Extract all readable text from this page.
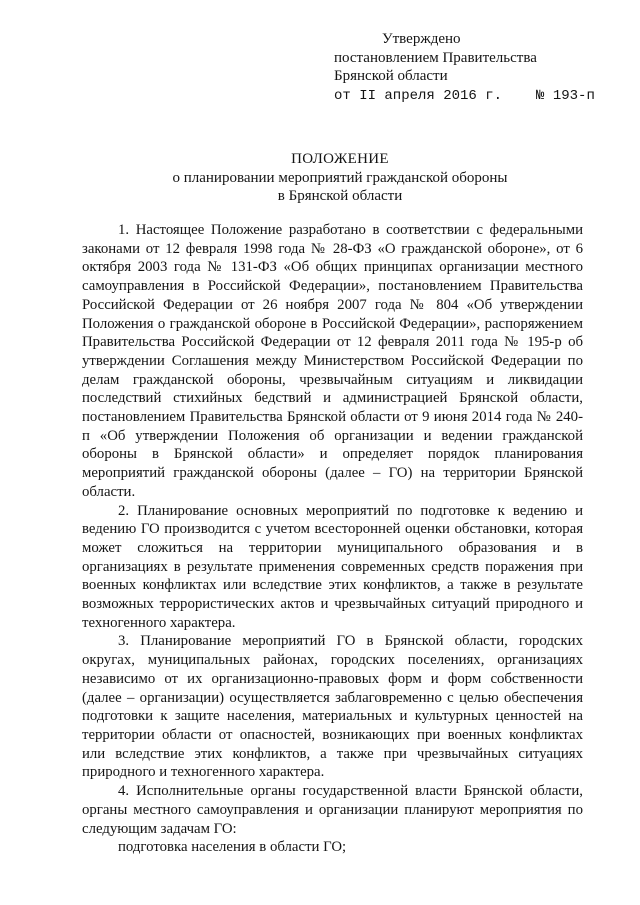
Утверждено
постановлением Правительства
Брянской области
от II апреля 2016 г. № 193-п
ПОЛОЖЕНИЕ
о планировании мероприятий гражданской обороны
в Брянской области

1. Настоящее Положение разработано в соответствии с федеральными законами от 12 февраля 1998 года № 28-ФЗ «О гражданской обороне», от 6 октября 2003 года № 131-ФЗ «Об общих принципах организации местного самоуправления в Российской Федерации», постановлением Правительства Российской Федерации от 26 ноября 2007 года № 804 «Об утверждении Положения о гражданской обороне в Российской Федерации», распоряжением Правительства Российской Федерации от 12 февраля 2011 года № 195-р об утверждении Соглашения между Министерством Российской Федерации по делам гражданской обороны, чрезвычайным ситуациям и ликвидации последствий стихийных бедствий и администрацией Брянской области, постановлением Правительства Брянской области от 9 июня 2014 года № 240-п «Об утверждении Положения об организации и ведении гражданской обороны в Брянской области» и определяет порядок планирования мероприятий гражданской обороны (далее – ГО) на территории Брянской области.

2. Планирование основных мероприятий по подготовке к ведению и ведению ГО производится с учетом всесторонней оценки обстановки, которая может сложиться на территории муниципального образования и в организациях в результате применения современных средств поражения при военных конфликтах или вследствие этих конфликтов, а также в результате возможных террористических актов и чрезвычайных ситуаций природного и техногенного характера.

3. Планирование мероприятий ГО в Брянской области, городских округах, муниципальных районах, городских поселениях, организациях независимо от их организационно-правовых форм и форм собственности (далее – организации) осуществляется заблаговременно с целью обеспечения подготовки к защите населения, материальных и культурных ценностей на территории области от опасностей, возникающих при военных конфликтах или вследствие этих конфликтов, а также при чрезвычайных ситуациях природного и техногенного характера.

4. Исполнительные органы государственной власти Брянской области, органы местного самоуправления и организации планируют мероприятия по следующим задачам ГО:

подготовка населения в области ГО;
